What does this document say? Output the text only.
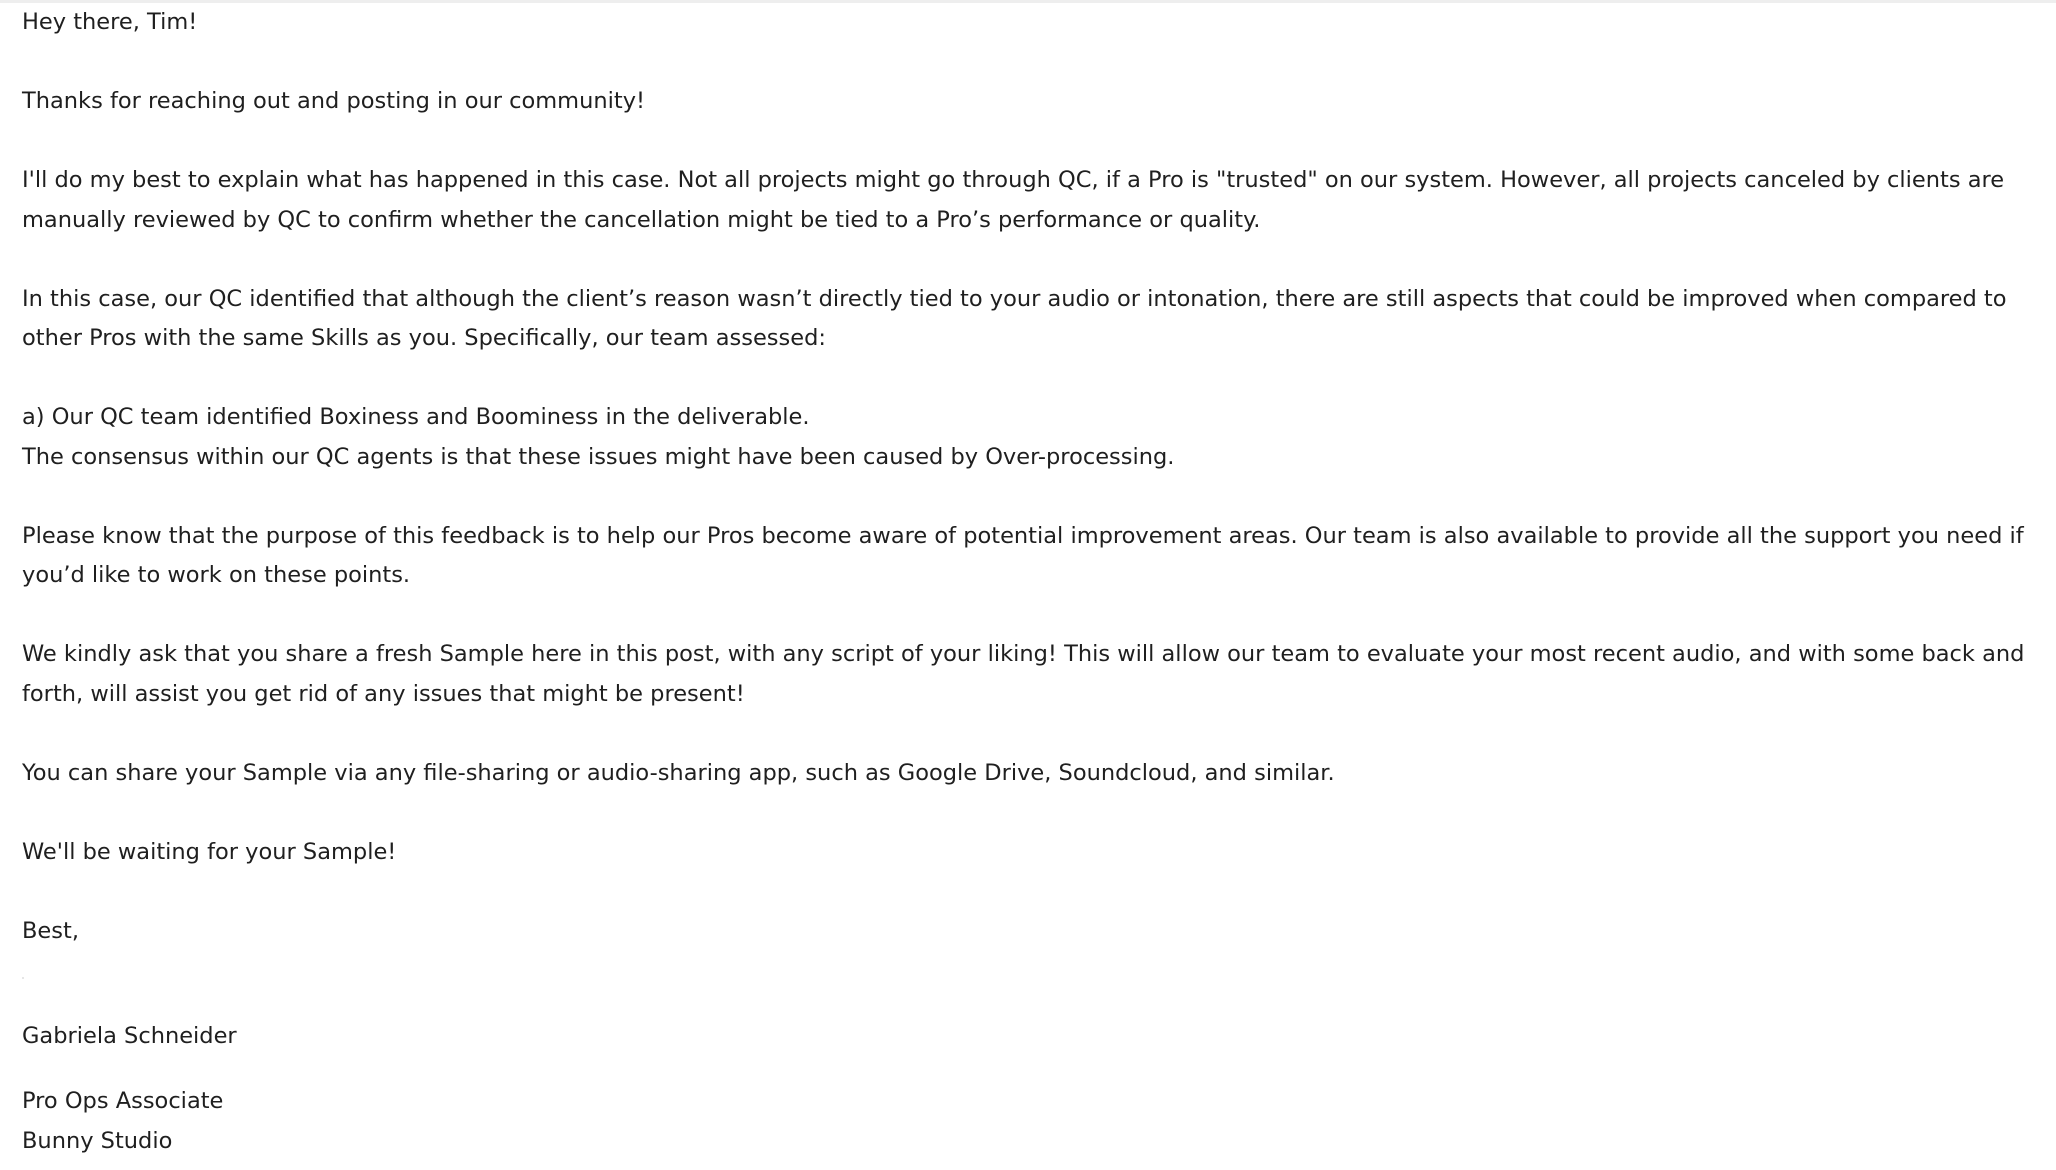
Hey there, Tim!

Thanks for reaching out and posting in our community!

I'll do my best to explain what has happened in this case. Not all projects might go through QC, if a Pro is "trusted" on our system. However, all projects canceled by clients are manually reviewed by QC to confirm whether the cancellation might be tied to a Pro’s performance or quality.

In this case, our QC identified that although the client’s reason wasn’t directly tied to your audio or intonation, there are still aspects that could be improved when compared to other Pros with the same Skills as you. Specifically, our team assessed:

a) Our QC team identified Boxiness and Boominess in the deliverable.

The consensus within our QC agents is that these issues might have been caused by Over-processing.

Please know that the purpose of this feedback is to help our Pros become aware of potential improvement areas. Our team is also available to provide all the support you need if you’d like to work on these points.

We kindly ask that you share a fresh Sample here in this post, with any script of your liking! This will allow our team to evaluate your most recent audio, and with some back and forth, will assist you get rid of any issues that might be present!

You can share your Sample via any file-sharing or audio-sharing app, such as Google Drive, Soundcloud, and similar.

We'll be waiting for your Sample!

Best,

Gabriela Schneider

Pro Ops Associate

Bunny Studio
